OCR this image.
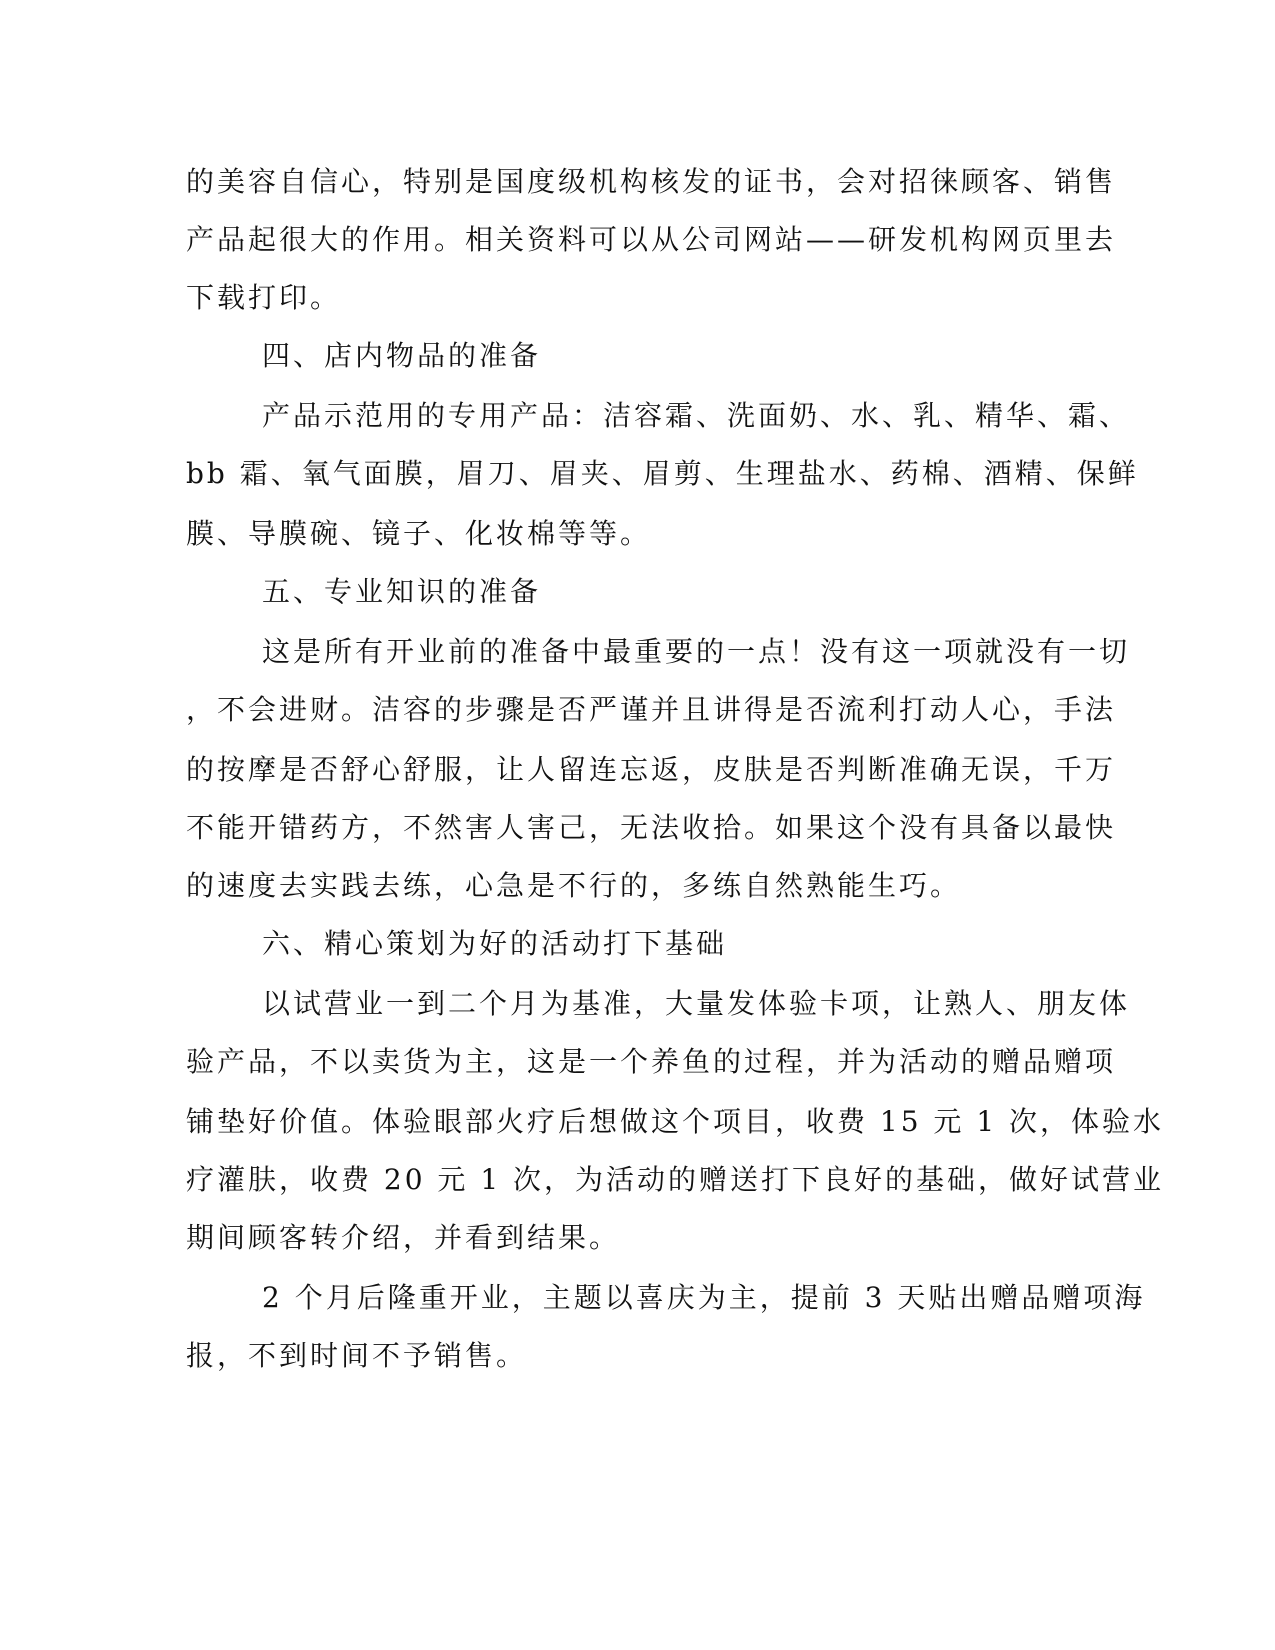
的美容自信心，特别是国度级机构核发的证书，会对招徕顾客、销售
产品起很大的作用。相关资料可以从公司网站——研发机构网页里去
下载打印。
四、店内物品的准备
产品示范用的专用产品：洁容霜、洗面奶、水、乳、精华、霜、
bb 霜、氧气面膜，眉刀、眉夹、眉剪、生理盐水、药棉、酒精、保鲜
膜、导膜碗、镜子、化妆棉等等。
五、专业知识的准备
这是所有开业前的准备中最重要的一点！没有这一项就没有一切
，不会进财。洁容的步骤是否严谨并且讲得是否流利打动人心，手法
的按摩是否舒心舒服，让人留连忘返，皮肤是否判断准确无误，千万
不能开错药方，不然害人害己，无法收拾。如果这个没有具备以最快
的速度去实践去练，心急是不行的，多练自然熟能生巧。
六、精心策划为好的活动打下基础
以试营业一到二个月为基准，大量发体验卡项，让熟人、朋友体
验产品，不以卖货为主，这是一个养鱼的过程，并为活动的赠品赠项
铺垫好价值。体验眼部火疗后想做这个项目，收费 15 元 1 次，体验水
疗灌肤，收费 20 元 1 次，为活动的赠送打下良好的基础，做好试营业
期间顾客转介绍，并看到结果。
2 个月后隆重开业，主题以喜庆为主，提前 3 天贴出赠品赠项海
报，不到时间不予销售。
